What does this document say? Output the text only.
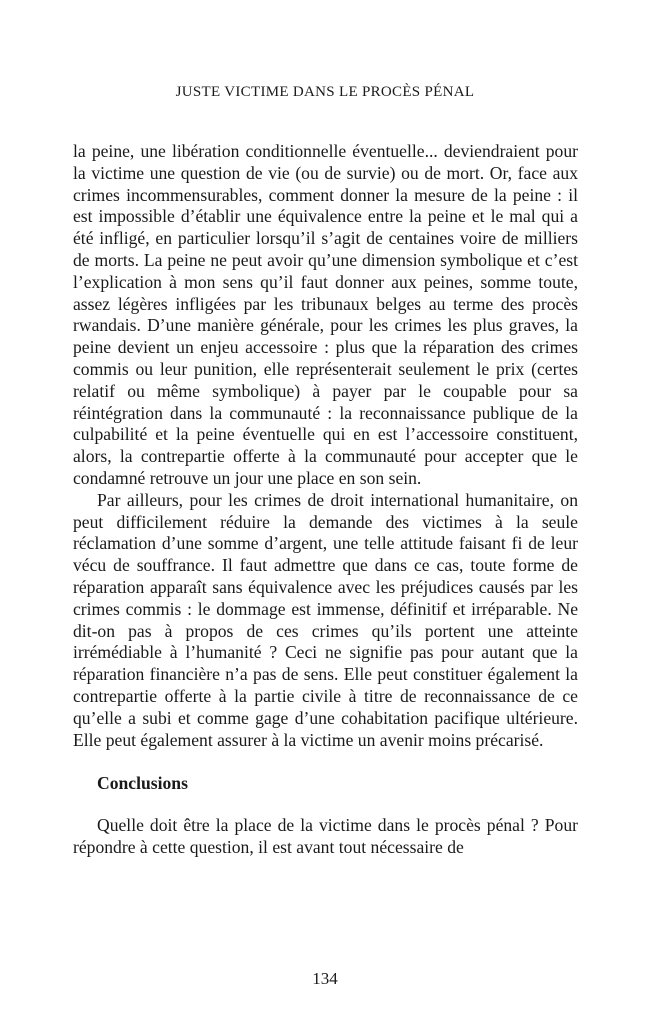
JUSTE VICTIME DANS LE PROCÈS PÉNAL

la peine, une libération conditionnelle éventuelle... deviendraient pour la victime une question de vie (ou de survie) ou de mort. Or, face aux crimes incommensurables, comment donner la mesure de la peine : il est impossible d’établir une équivalence entre la peine et le mal qui a été infligé, en particulier lorsqu’il s’agit de centaines voire de milliers de morts. La peine ne peut avoir qu’une dimension symbolique et c’est l’explication à mon sens qu’il faut donner aux peines, somme toute, assez légères infligées par les tribunaux belges au terme des procès rwandais. D’une manière générale, pour les crimes les plus graves, la peine devient un enjeu accessoire : plus que la réparation des crimes commis ou leur punition, elle représenterait seulement le prix (certes relatif ou même symbolique) à payer par le coupable pour sa réintégration dans la communauté : la reconnaissance publique de la culpabilité et la peine éventuelle qui en est l’accessoire constituent, alors, la contrepartie offerte à la communauté pour accepter que le condamné retrouve un jour une place en son sein.

Par ailleurs, pour les crimes de droit international humanitaire, on peut difficilement réduire la demande des victimes à la seule réclamation d’une somme d’argent, une telle attitude faisant fi de leur vécu de souffrance. Il faut admettre que dans ce cas, toute forme de réparation apparaît sans équivalence avec les préjudices causés par les crimes commis : le dommage est immense, définitif et irréparable. Ne dit-on pas à propos de ces crimes qu’ils portent une atteinte irrémédiable à l’humanité ? Ceci ne signifie pas pour autant que la réparation financière n’a pas de sens. Elle peut constituer également la contrepartie offerte à la partie civile à titre de reconnaissance de ce qu’elle a subi et comme gage d’une cohabitation pacifique ultérieure. Elle peut également assurer à la victime un avenir moins précarisé.

Conclusions

Quelle doit être la place de la victime dans le procès pénal ? Pour répondre à cette question, il est avant tout nécessaire de

134
